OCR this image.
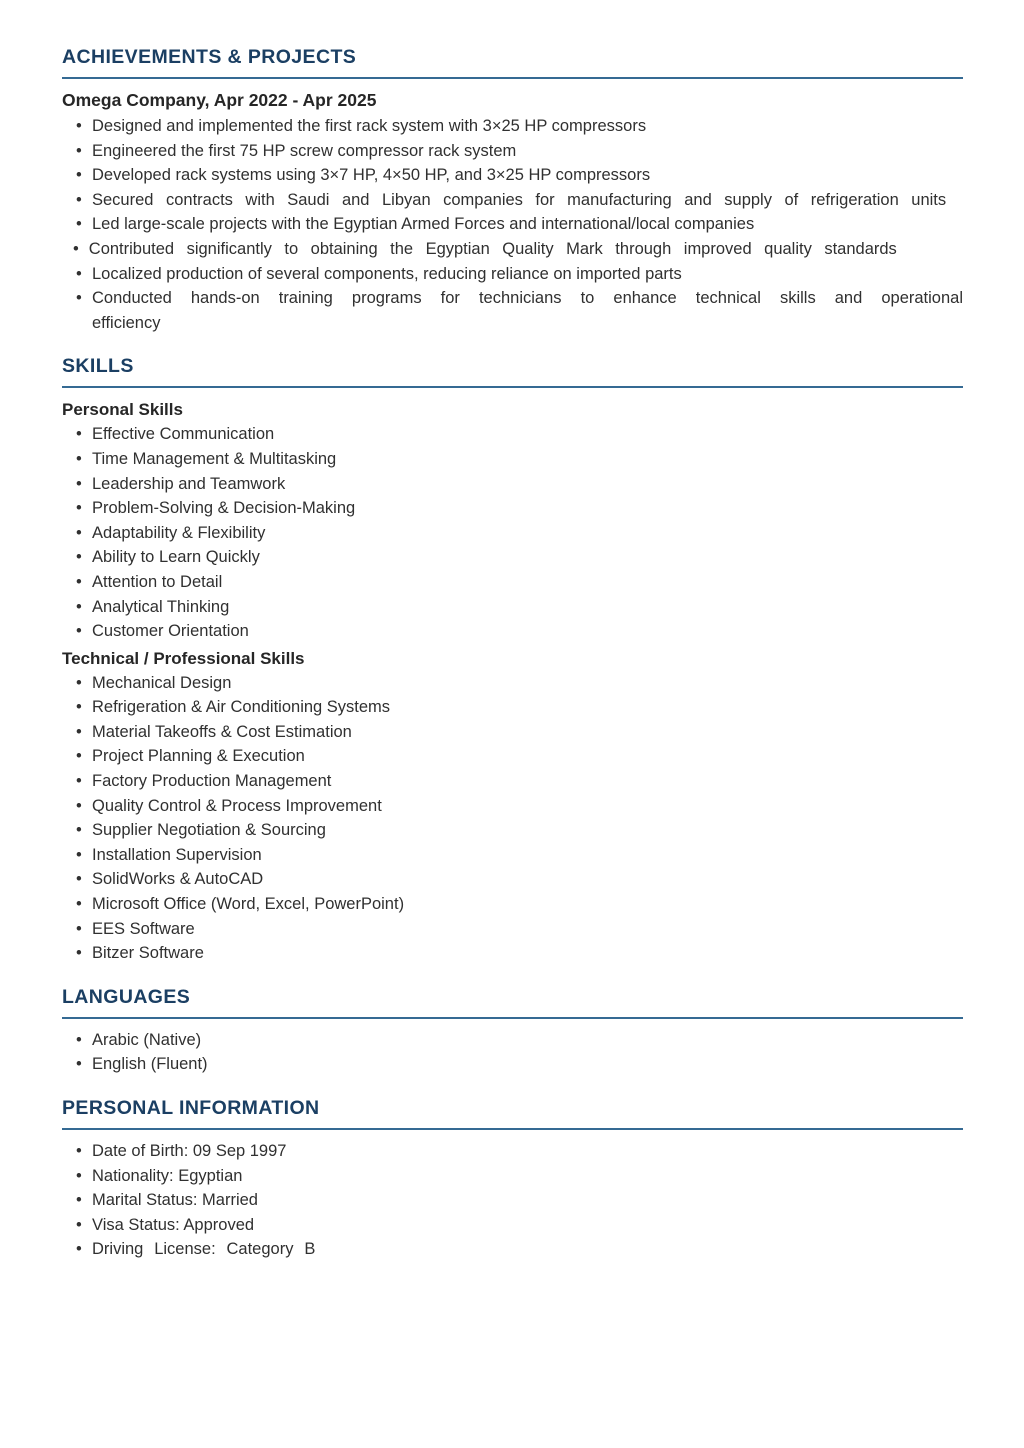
ACHIEVEMENTS & PROJECTS

Omega Company, Apr 2022 - Apr 2025

• Designed and implemented the first rack system with 3×25 HP compressors
• Engineered the first 75 HP screw compressor rack system
• Developed rack systems using 3×7 HP, 4×50 HP, and 3×25 HP compressors
• Secured contracts with Saudi and Libyan companies for manufacturing and supply of refrigeration units
• Led large-scale projects with the Egyptian Armed Forces and international/local companies
• Contributed significantly to obtaining the Egyptian Quality Mark through improved quality standards
• Localized production of several components, reducing reliance on imported parts
• Conducted hands-on training programs for technicians to enhance technical skills and operational efficiency
SKILLS
Personal Skills
• Effective Communication
• Time Management & Multitasking
• Leadership and Teamwork
• Problem-Solving & Decision-Making
• Adaptability & Flexibility
• Ability to Learn Quickly
• Attention to Detail
• Analytical Thinking
• Customer Orientation
Technical / Professional Skills
• Mechanical Design
• Refrigeration & Air Conditioning Systems
• Material Takeoffs & Cost Estimation
• Project Planning & Execution
• Factory Production Management
• Quality Control & Process Improvement
• Supplier Negotiation & Sourcing
• Installation Supervision
• SolidWorks & AutoCAD
• Microsoft Office (Word, Excel, PowerPoint)
• EES Software
• Bitzer Software
LANGUAGES
• Arabic (Native)
• English (Fluent)
PERSONAL INFORMATION
• Date of Birth: 09 Sep 1997
• Nationality: Egyptian
• Marital Status: Married
• Visa Status: Approved
• Driving License: Category B
